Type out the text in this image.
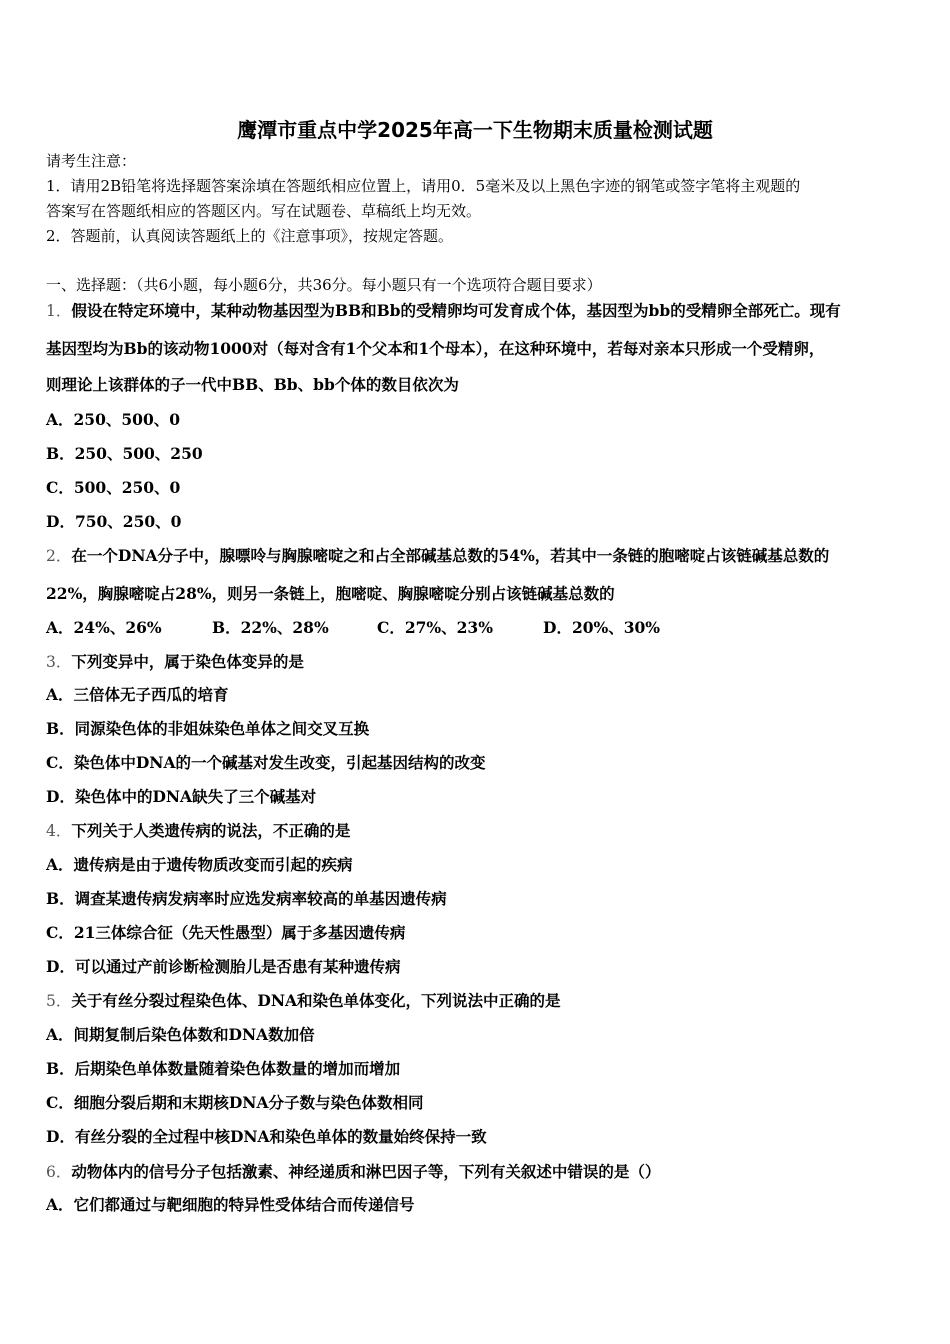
鹰潭市重点中学2025年高一下生物期末质量检测试题
请考生注意：
1．请用2B铅笔将选择题答案涂填在答题纸相应位置上，请用0．5毫米及以上黑色字迹的钢笔或签字笔将主观题的
答案写在答题纸相应的答题区内。写在试题卷、草稿纸上均无效。
2．答题前，认真阅读答题纸上的《注意事项》，按规定答题。
一、选择题：（共6小题，每小题6分，共36分。每小题只有一个选项符合题目要求）
1．假设在特定环境中，某种动物基因型为BB和Bb的受精卵均可发育成个体，基因型为bb的受精卵全部死亡。现有
基因型均为Bb的该动物1000对（每对含有1个父本和1个母本），在这种环境中，若每对亲本只形成一个受精卵，
则理论上该群体的子一代中BB、Bb、bb个体的数目依次为
A．250、500、0
B．250、500、250
C．500、250、0
D．750、250、0
2．在一个DNA分子中，腺嘌呤与胸腺嘧啶之和占全部碱基总数的54%，若其中一条链的胞嘧啶占该链碱基总数的
22%，胸腺嘧啶占28%，则另一条链上，胞嘧啶、胸腺嘧啶分别占该链碱基总数的
A．24%、26%	B．22%、28%	C．27%、23%	D．20%、30%
3．下列变异中，属于染色体变异的是
A．三倍体无子西瓜的培育
B．同源染色体的非姐妹染色单体之间交叉互换
C．染色体中DNA的一个碱基对发生改变，引起基因结构的改变
D．染色体中的DNA缺失了三个碱基对
4．下列关于人类遗传病的说法，不正确的是
A．遗传病是由于遗传物质改变而引起的疾病
B．调查某遗传病发病率时应选发病率较高的单基因遗传病
C．21三体综合征（先天性愚型）属于多基因遗传病
D．可以通过产前诊断检测胎儿是否患有某种遗传病
5．关于有丝分裂过程染色体、DNA和染色单体变化，下列说法中正确的是
A．间期复制后染色体数和DNA数加倍
B．后期染色单体数量随着染色体数量的增加而增加
C．细胞分裂后期和末期核DNA分子数与染色体数相同
D．有丝分裂的全过程中核DNA和染色单体的数量始终保持一致
6．动物体内的信号分子包括激素、神经递质和淋巴因子等，下列有关叙述中错误的是（）
A．它们都通过与靶细胞的特异性受体结合而传递信号
